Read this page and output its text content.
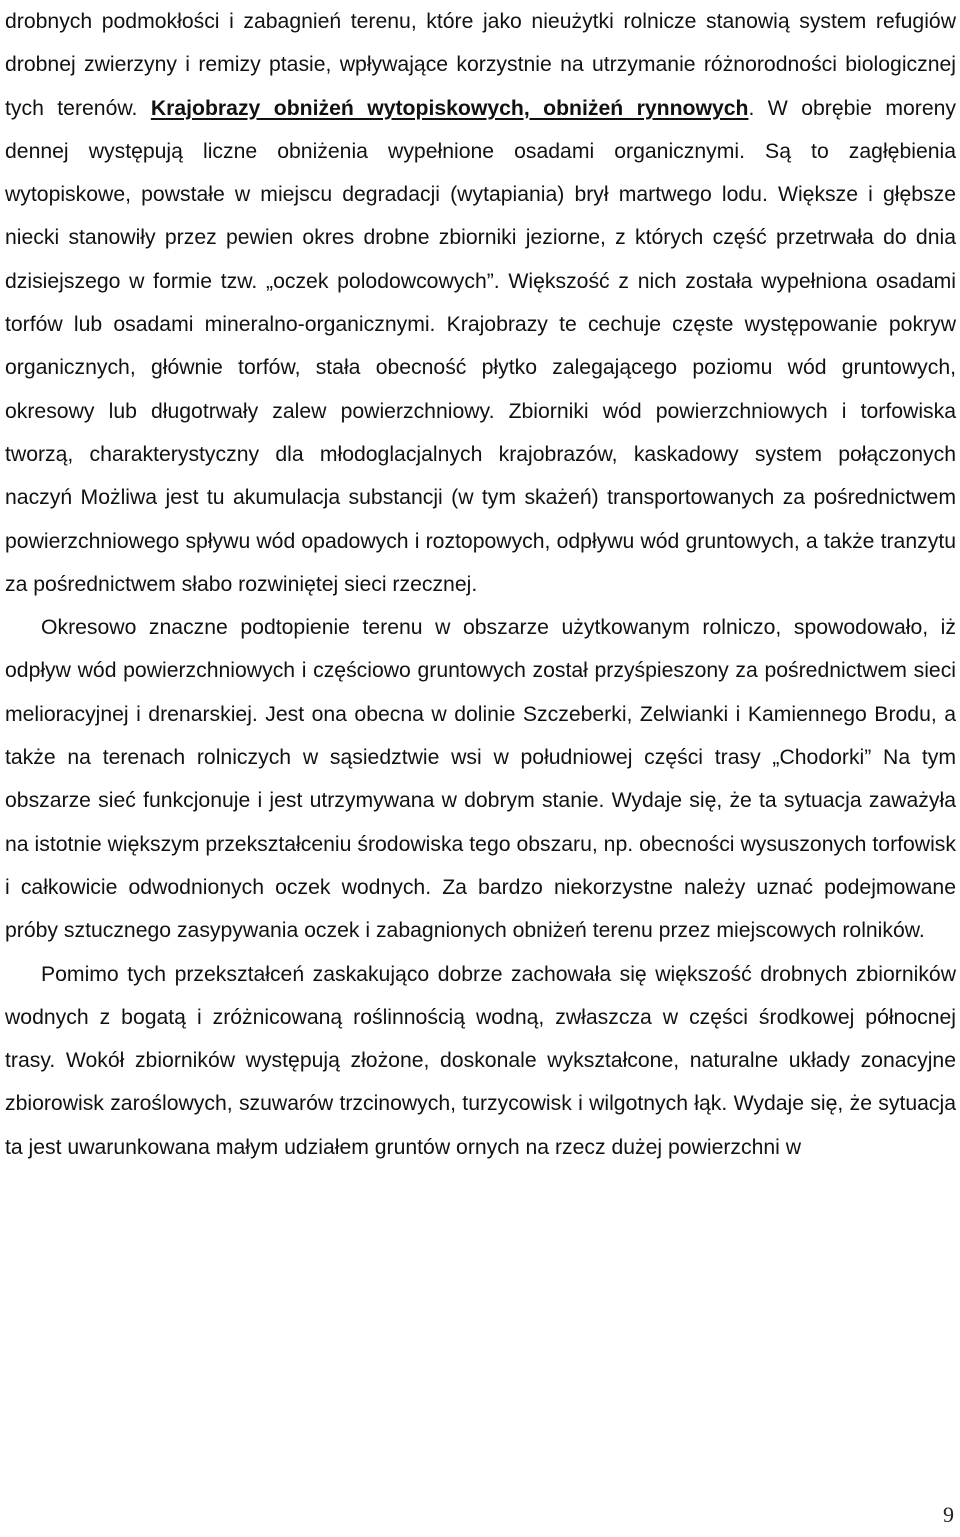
drobnych podmokłości i zabagnień terenu, które jako nieużytki rolnicze stanowią system refugiów drobnej zwierzyny i remizy ptasie, wpływające korzystnie na utrzymanie różnorodności biologicznej tych terenów. Krajobrazy obniżeń wytopiskowych, obniżeń rynnowych. W obrębie moreny dennej występują liczne obniżenia wypełnione osadami organicznymi. Są to zagłębienia wytopiskowe, powstałe w miejscu degradacji (wytapiania) brył martwego lodu. Większe i głębsze niecki stanowiły przez pewien okres drobne zbiorniki jeziorne, z których część przetrwała do dnia dzisiejszego w formie tzw. „oczek polodowcowych”. Większość z nich została wypełniona osadami torfów lub osadami mineralno-organicznymi. Krajobrazy te cechuje częste występowanie pokryw organicznych, głównie torfów, stała obecność płytko zalegającego poziomu wód gruntowych, okresowy lub długotrwały zalew powierzchniowy. Zbiorniki wód powierzchniowych i torfowiska tworzą, charakterystyczny dla młodoglacjalnych krajobrazów, kaskadowy system połączonych naczyń Możliwa jest tu akumulacja substancji (w tym skażeń) transportowanych za pośrednictwem powierzchniowego spływu wód opadowych i roztopowych, odpływu wód gruntowych, a także tranzytu za pośrednictwem słabo rozwiniętej sieci rzecznej.

Okresowo znaczne podtopienie terenu w obszarze użytkowanym rolniczo, spowodowało, iż odpływ wód powierzchniowych i częściowo gruntowych został przyśpieszony za pośrednictwem sieci melioracyjnej i drenarskiej. Jest ona obecna w dolinie Szczeberki, Zelwianki i Kamiennego Brodu, a także na terenach rolniczych w sąsiedztwie wsi w południowej części trasy „Chodorki” Na tym obszarze sieć funkcjonuje i jest utrzymywana w dobrym stanie. Wydaje się, że ta sytuacja zaważyła na istotnie większym przekształceniu środowiska tego obszaru, np. obecności wysuszonych torfowisk i całkowicie odwodnionych oczek wodnych. Za bardzo niekorzystne należy uznać podejmowane próby sztucznego zasypywania oczek i zabagnionych obniżeń terenu przez miejscowych rolników.

Pomimo tych przekształceń zaskakująco dobrze zachowała się większość drobnych zbiorników wodnych z bogatą i zróżnicowaną roślinnością wodną, zwłaszcza w części środkowej północnej trasy. Wokół zbiorników występują złożone, doskonale wykształcone, naturalne układy zonacyjne zbiorowisk zaroślowych, szuwarów trzcinowych, turzycowisk i wilgotnych łąk. Wydaje się, że sytuacja ta jest uwarunkowana małym udziałem gruntów ornych na rzecz dużej powierzchni w

9
